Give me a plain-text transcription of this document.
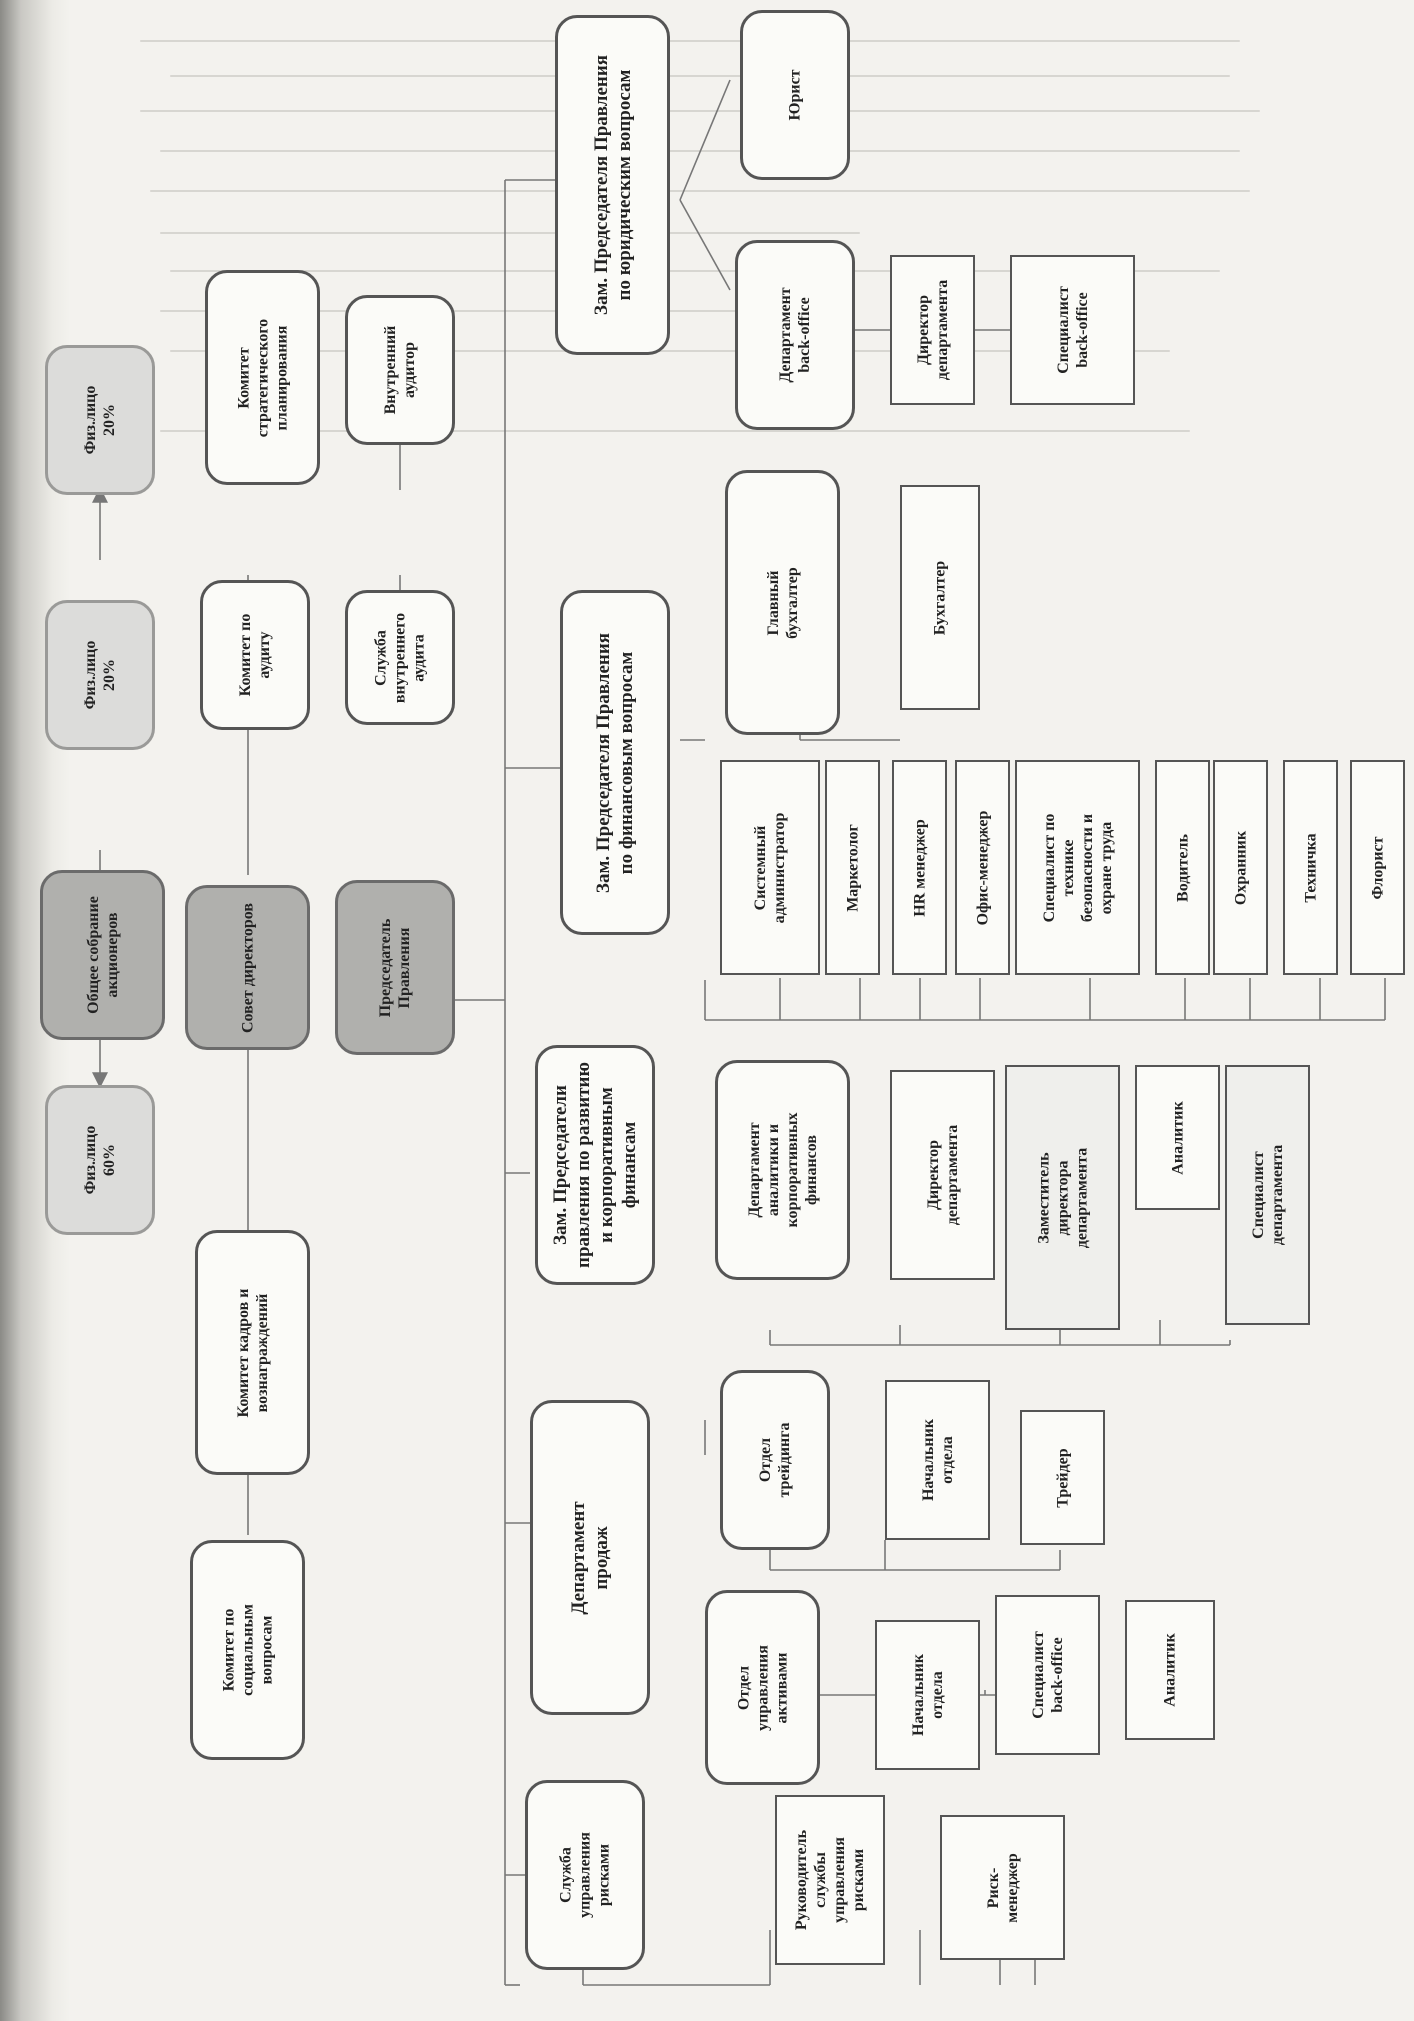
Физ.лицо
60%
Общее собрание
акционеров
Физ.лицо
20%
Физ.лицо
20%
Комитет по
социальным
вопросам
Комитет кадров и
вознаграждений
Совет директоров
Комитет по
аудиту
Комитет
стратегического
планирования
Председатель
Правления
Служба
внутреннего
аудита
Внутренний
аудитор
Служба
управления
рисками
Департамент
продаж
Зам. Председатели
правления по развитию
и корпоративным
финансам
Зам. Председателя Правления
по финансовым вопросам
Зам. Председателя Правления
по юридическим вопросам
Руководитель
службы
управления
рисками	Риск-
менеджер
Отдел
управления
активами	Начальник
отдела	Специалист
back-office	Аналитик
Отдел
трейдинга	Начальник
отдела	Трейдер
Департамент
аналитики и
корпоративных
финансов	Директор
департамента	Заместитель
директора
департамента
Аналитик
Специалист
департамента
Системный
администратор	Маркетолог	HR менеджер	Офис-менеджер	Специалист по
технике
безопасности и
охране труда	Водитель	Охранник	Техничка	Флорист
Главный
бухгалтер	Бухгалтер
Департамент
back-office
Юрист
Директор
департамента	Специалист
back-office
